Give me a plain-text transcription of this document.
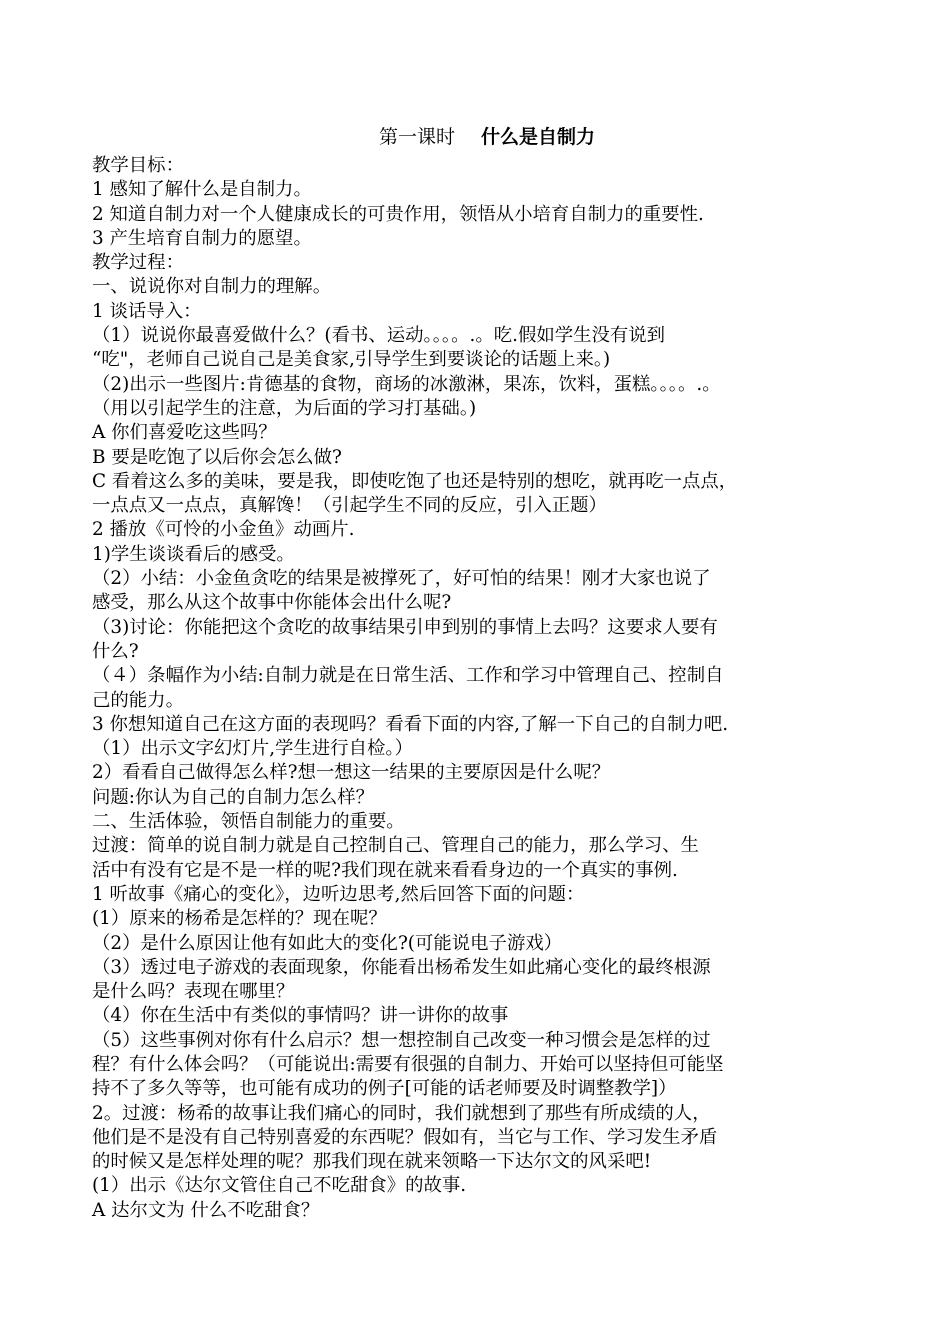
第一课时 什么是自制力
教学目标：
1 感知了解什么是自制力。
2 知道自制力对一个人健康成长的可贵作用，领悟从小培育自制力的重要性.
3 产生培育自制力的愿望。
教学过程：
一、说说你对自制力的理解。
1 谈话导入：
（1）说说你最喜爱做什么？(看书、运动。。。。.。吃.假如学生没有说到
“吃"，老师自己说自己是美食家,引导学生到要谈论的话题上来。)
（2)出示一些图片:肯德基的食物，商场的冰激淋，果冻，饮料，蛋糕。。。。.。
（用以引起学生的注意，为后面的学习打基础。)
A 你们喜爱吃这些吗？
B 要是吃饱了以后你会怎么做?
C 看着这么多的美味，要是我，即使吃饱了也还是特别的想吃，就再吃一点点，
一点点又一点点，真解馋！（引起学生不同的反应，引入正题）
2 播放《可怜的小金鱼》动画片.
1)学生谈谈看后的感受。
（2）小结：小金鱼贪吃的结果是被撑死了，好可怕的结果！刚才大家也说了
感受，那么从这个故事中你能体会出什么呢?
（3)讨论：你能把这个贪吃的故事结果引申到别的事情上去吗？这要求人要有
什么?
（４）条幅作为小结:自制力就是在日常生活、工作和学习中管理自己、控制自
己的能力。
3 你想知道自己在这方面的表现吗？看看下面的内容,了解一下自己的自制力吧.
（1）出示文字幻灯片,学生进行自检。）
2）看看自己做得怎么样?想一想这一结果的主要原因是什么呢？
问题:你认为自己的自制力怎么样？
二、生活体验，领悟自制能力的重要。
过渡：简单的说自制力就是自己控制自己、管理自己的能力，那么学习、生
活中有没有它是不是一样的呢?我们现在就来看看身边的一个真实的事例.
1 听故事《痛心的变化》，边听边思考,然后回答下面的问题：
(1）原来的杨希是怎样的？现在呢？
（2）是什么原因让他有如此大的变化?(可能说电子游戏）
（3）透过电子游戏的表面现象，你能看出杨希发生如此痛心变化的最终根源
是什么吗？表现在哪里？
（4）你在生活中有类似的事情吗？讲一讲你的故事
（5）这些事例对你有什么启示？想一想控制自己改变一种习惯会是怎样的过
程？有什么体会吗？（可能说出:需要有很强的自制力、开始可以坚持但可能坚
持不了多久等等，也可能有成功的例子[可能的话老师要及时调整教学]）
2。过渡：杨希的故事让我们痛心的同时，我们就想到了那些有所成绩的人，
他们是不是没有自己特别喜爱的东西呢？假如有，当它与工作、学习发生矛盾
的时候又是怎样处理的呢？那我们现在就来领略一下达尔文的风采吧!
(1）出示《达尔文管住自己不吃甜食》的故事.
A 达尔文为 什么不吃甜食？
